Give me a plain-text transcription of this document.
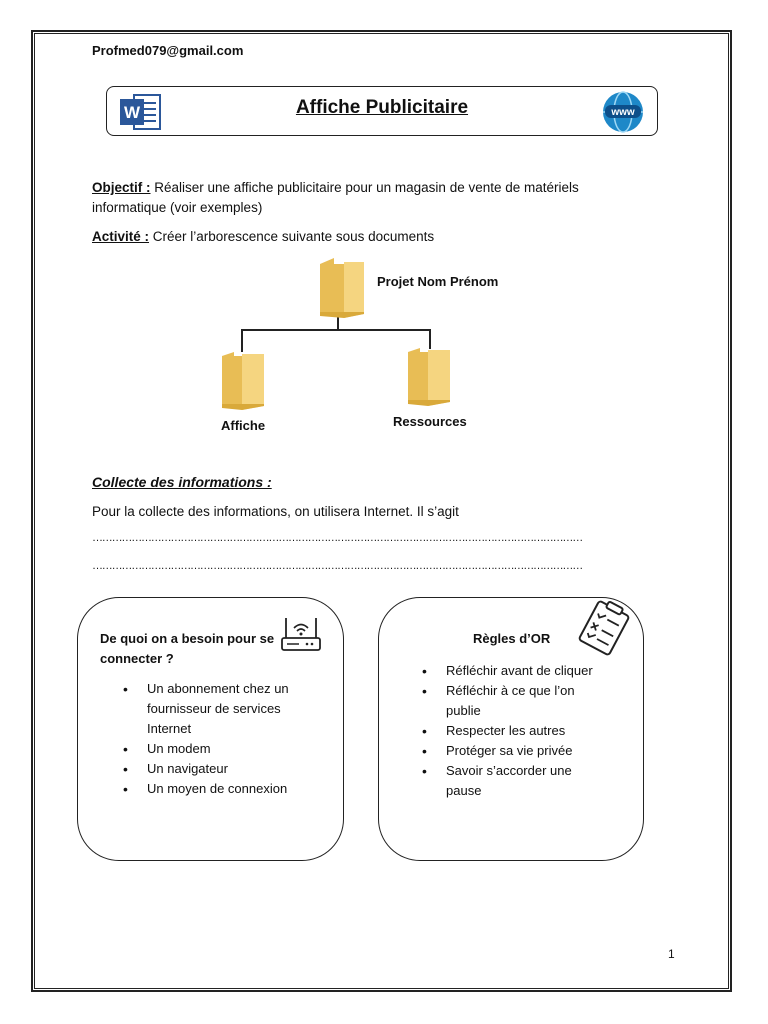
Profmed079@gmail.com
W	Affiche Publicitaire	www
Objectif : Réaliser une affiche publicitaire pour un magasin de vente de matériels
informatique (voir exemples)
Activité : Créer l’arborescence suivante sous documents
Projet Nom Prénom
Affiche	Ressources
Collecte des informations :
Pour la collecte des informations, on utilisera Internet. Il s’agit
……………………………………………………………………………………………………………………………………
……………………………………………………………………………………………………………………………………
De quoi on a besoin pour se
connecter ?
• Un abonnement chez un
fournisseur de services
Internet
• Un modem
• Un navigateur
• Un moyen de connexion
Règles d’OR
• Réfléchir avant de cliquer
• Réfléchir à ce que l’on
publie
• Respecter les autres
• Protéger sa vie privée
• Savoir s’accorder une
pause
1
